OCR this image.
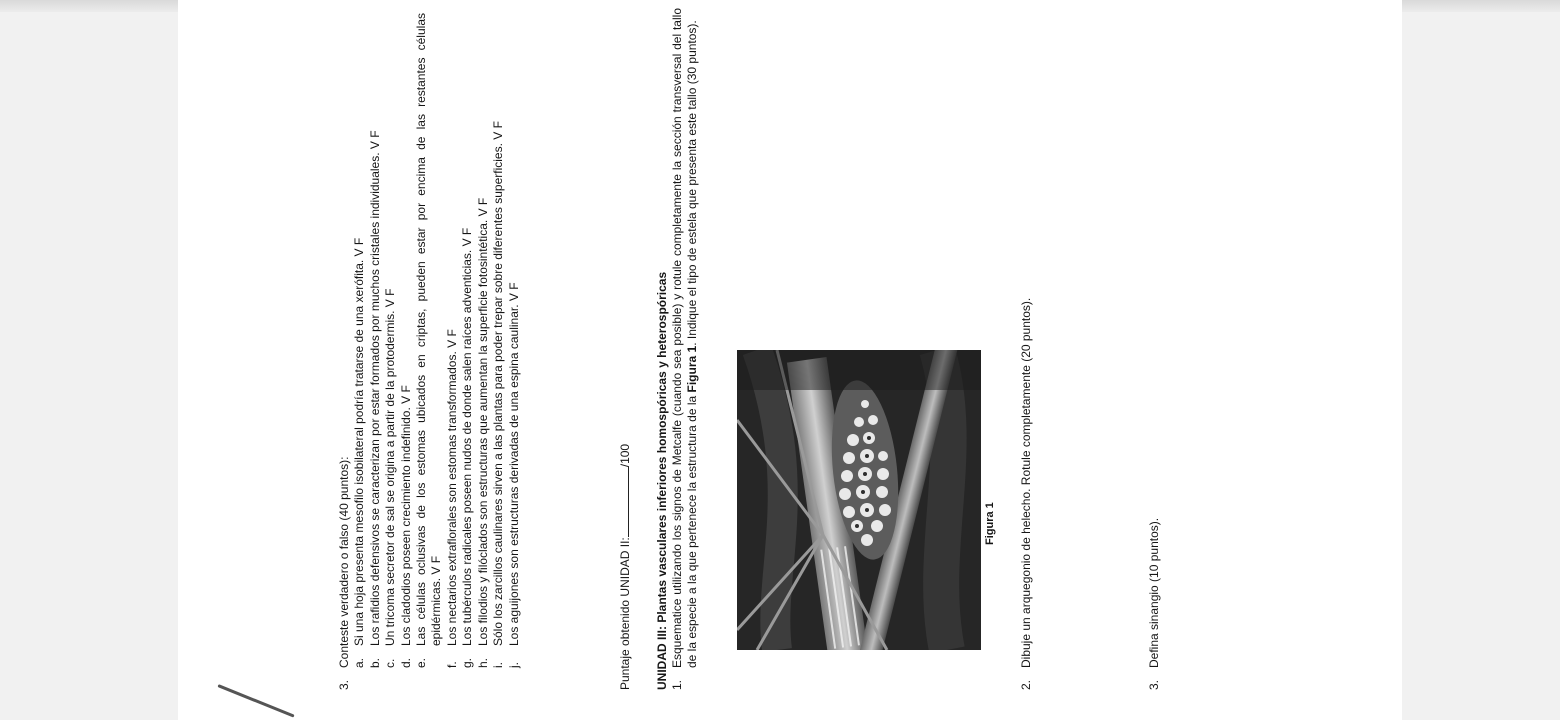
3.Conteste verdadero o falso (40 puntos): a.
Si una hoja presenta mesofilo isobilateral podría tratarse de una xerófita. V F
b.
Los rafidios defensivos se caracterizan por estar formados por muchos cristales individuales. V F
c.
Un tricoma secretor de sal se origina a partir de la protodermis. V F
d.
Los cladodios poseen crecimiento indefinido. V F
e.
Las células oclusivas de los estomas ubicados en criptas, pueden estar por encima de las restantes células epidérmicas. V F
f.
Los nectarios extraflorales son estomas transformados. V F
g.
Los tubérculos radicales poseen nudos de donde salen raíces adventicias. V F
h.
Los filodios y filóclados son estructuras que aumentan la superficie fotosintética. V F
i.
Sólo los zarcillos caulinares sirven a las plantas para poder trepar sobre diferentes superficies. V F
j.
Los aguijones son estructuras derivadas de una espina caulinar. V F	Puntaje obtenido UNIDAD II:/100 UNIDAD III: Plantas vasculares inferiores homospóricas y heterospóricas 1.
Esquematice utilizando los signos de Metcalfe (cuando sea posible) y rotule completamente la sección transversal del tallo de la especie a la que pertenece la estructura de la Figura 1. Indique el tipo de estela que presenta este tallo (30 puntos).
Figura 1
2.Dibuje un arquegonio de helecho. Rotule completamente (20 puntos).
3.Defina sinangio (10 puntos).
